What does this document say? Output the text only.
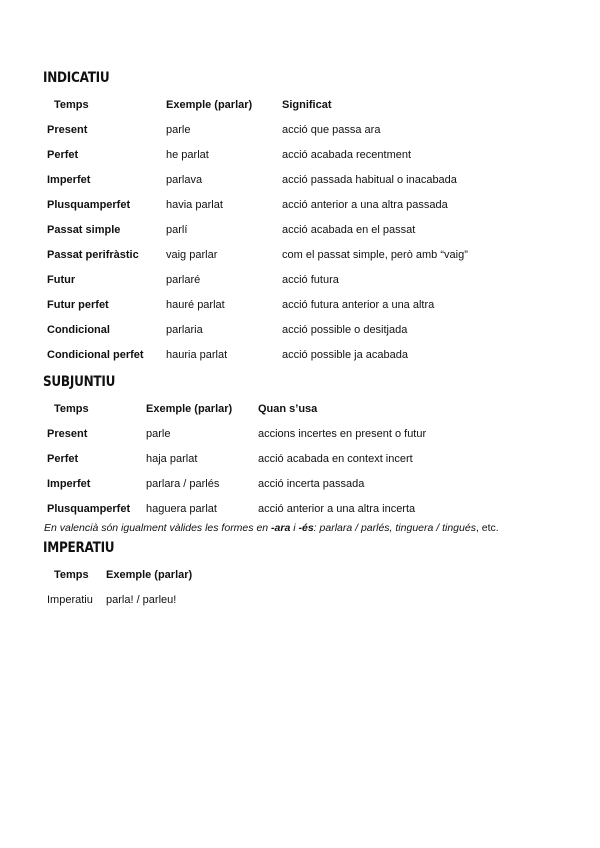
INDICATIU
Temps	Exemple (parlar)	Significat
Present	parle	acció que passa ara
Perfet	he parlat	acció acabada recentment
Imperfet	parlava	acció passada habitual o inacabada
Plusquamperfet	havia parlat	acció anterior a una altra passada
Passat simple	parlí	acció acabada en el passat
Passat perifràstic	vaig parlar	com el passat simple, però amb “vaig”
Futur	parlaré	acció futura
Futur perfet	hauré parlat	acció futura anterior a una altra
Condicional	parlaria	acció possible o desitjada
Condicional perfet	hauria parlat	acció possible ja acabada
SUBJUNTIU
Temps	Exemple (parlar)	Quan s’usa
Present	parle	accions incertes en present o futur
Perfet	haja parlat	acció acabada en context incert
Imperfet	parlara / parlés	acció incerta passada
Plusquamperfet	haguera parlat	acció anterior a una altra incerta

En valencià són igualment vàlides les formes en -ara i -és: parlara / parlés, tinguera / tingués, etc.

IMPERATIU
Temps	Exemple (parlar)
Imperatiu	parla! / parleu!
